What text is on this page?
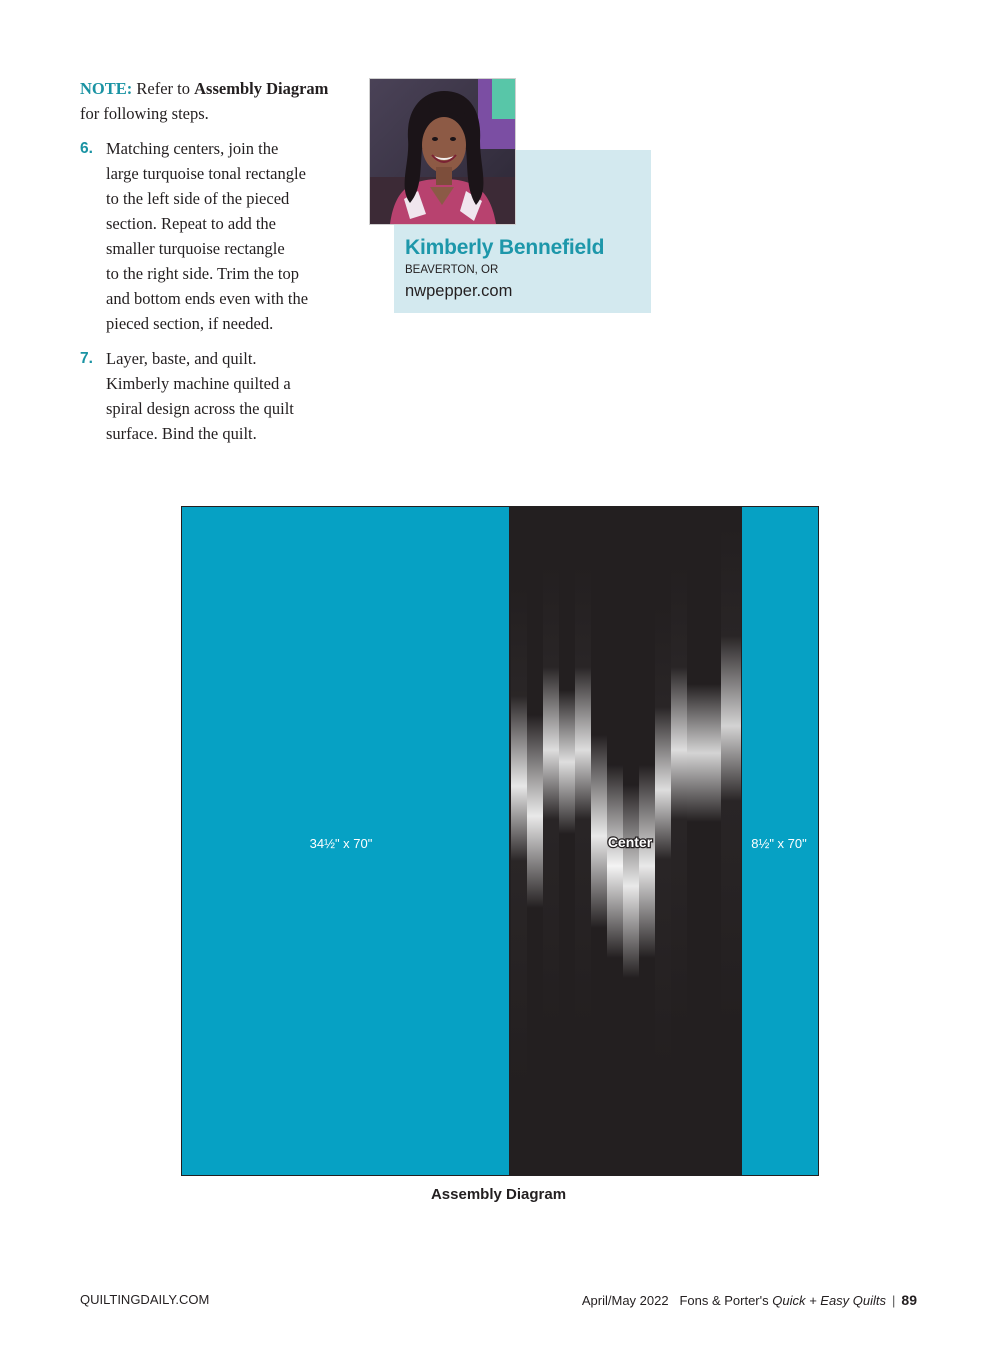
NOTE: Refer to Assembly Diagram for following steps.
6. Matching centers, join the
large turquoise tonal rectangle
to the left side of the pieced
section. Repeat to add the
smaller turquoise rectangle
to the right side. Trim the top
and bottom ends even with the
pieced section, if needed.
7. Layer, baste, and quilt.
Kimberly machine quilted a
spiral design across the quilt
surface. Bind the quilt.
Kimberly Bennefield
BEAVERTON, OR
nwpepper.com
34½" x 70"	Center	8½" x 70"
Assembly Diagram
QUILTINGDAILY.COM	April/May 2022 Fons & Porter's Quick + Easy Quilts | 89
